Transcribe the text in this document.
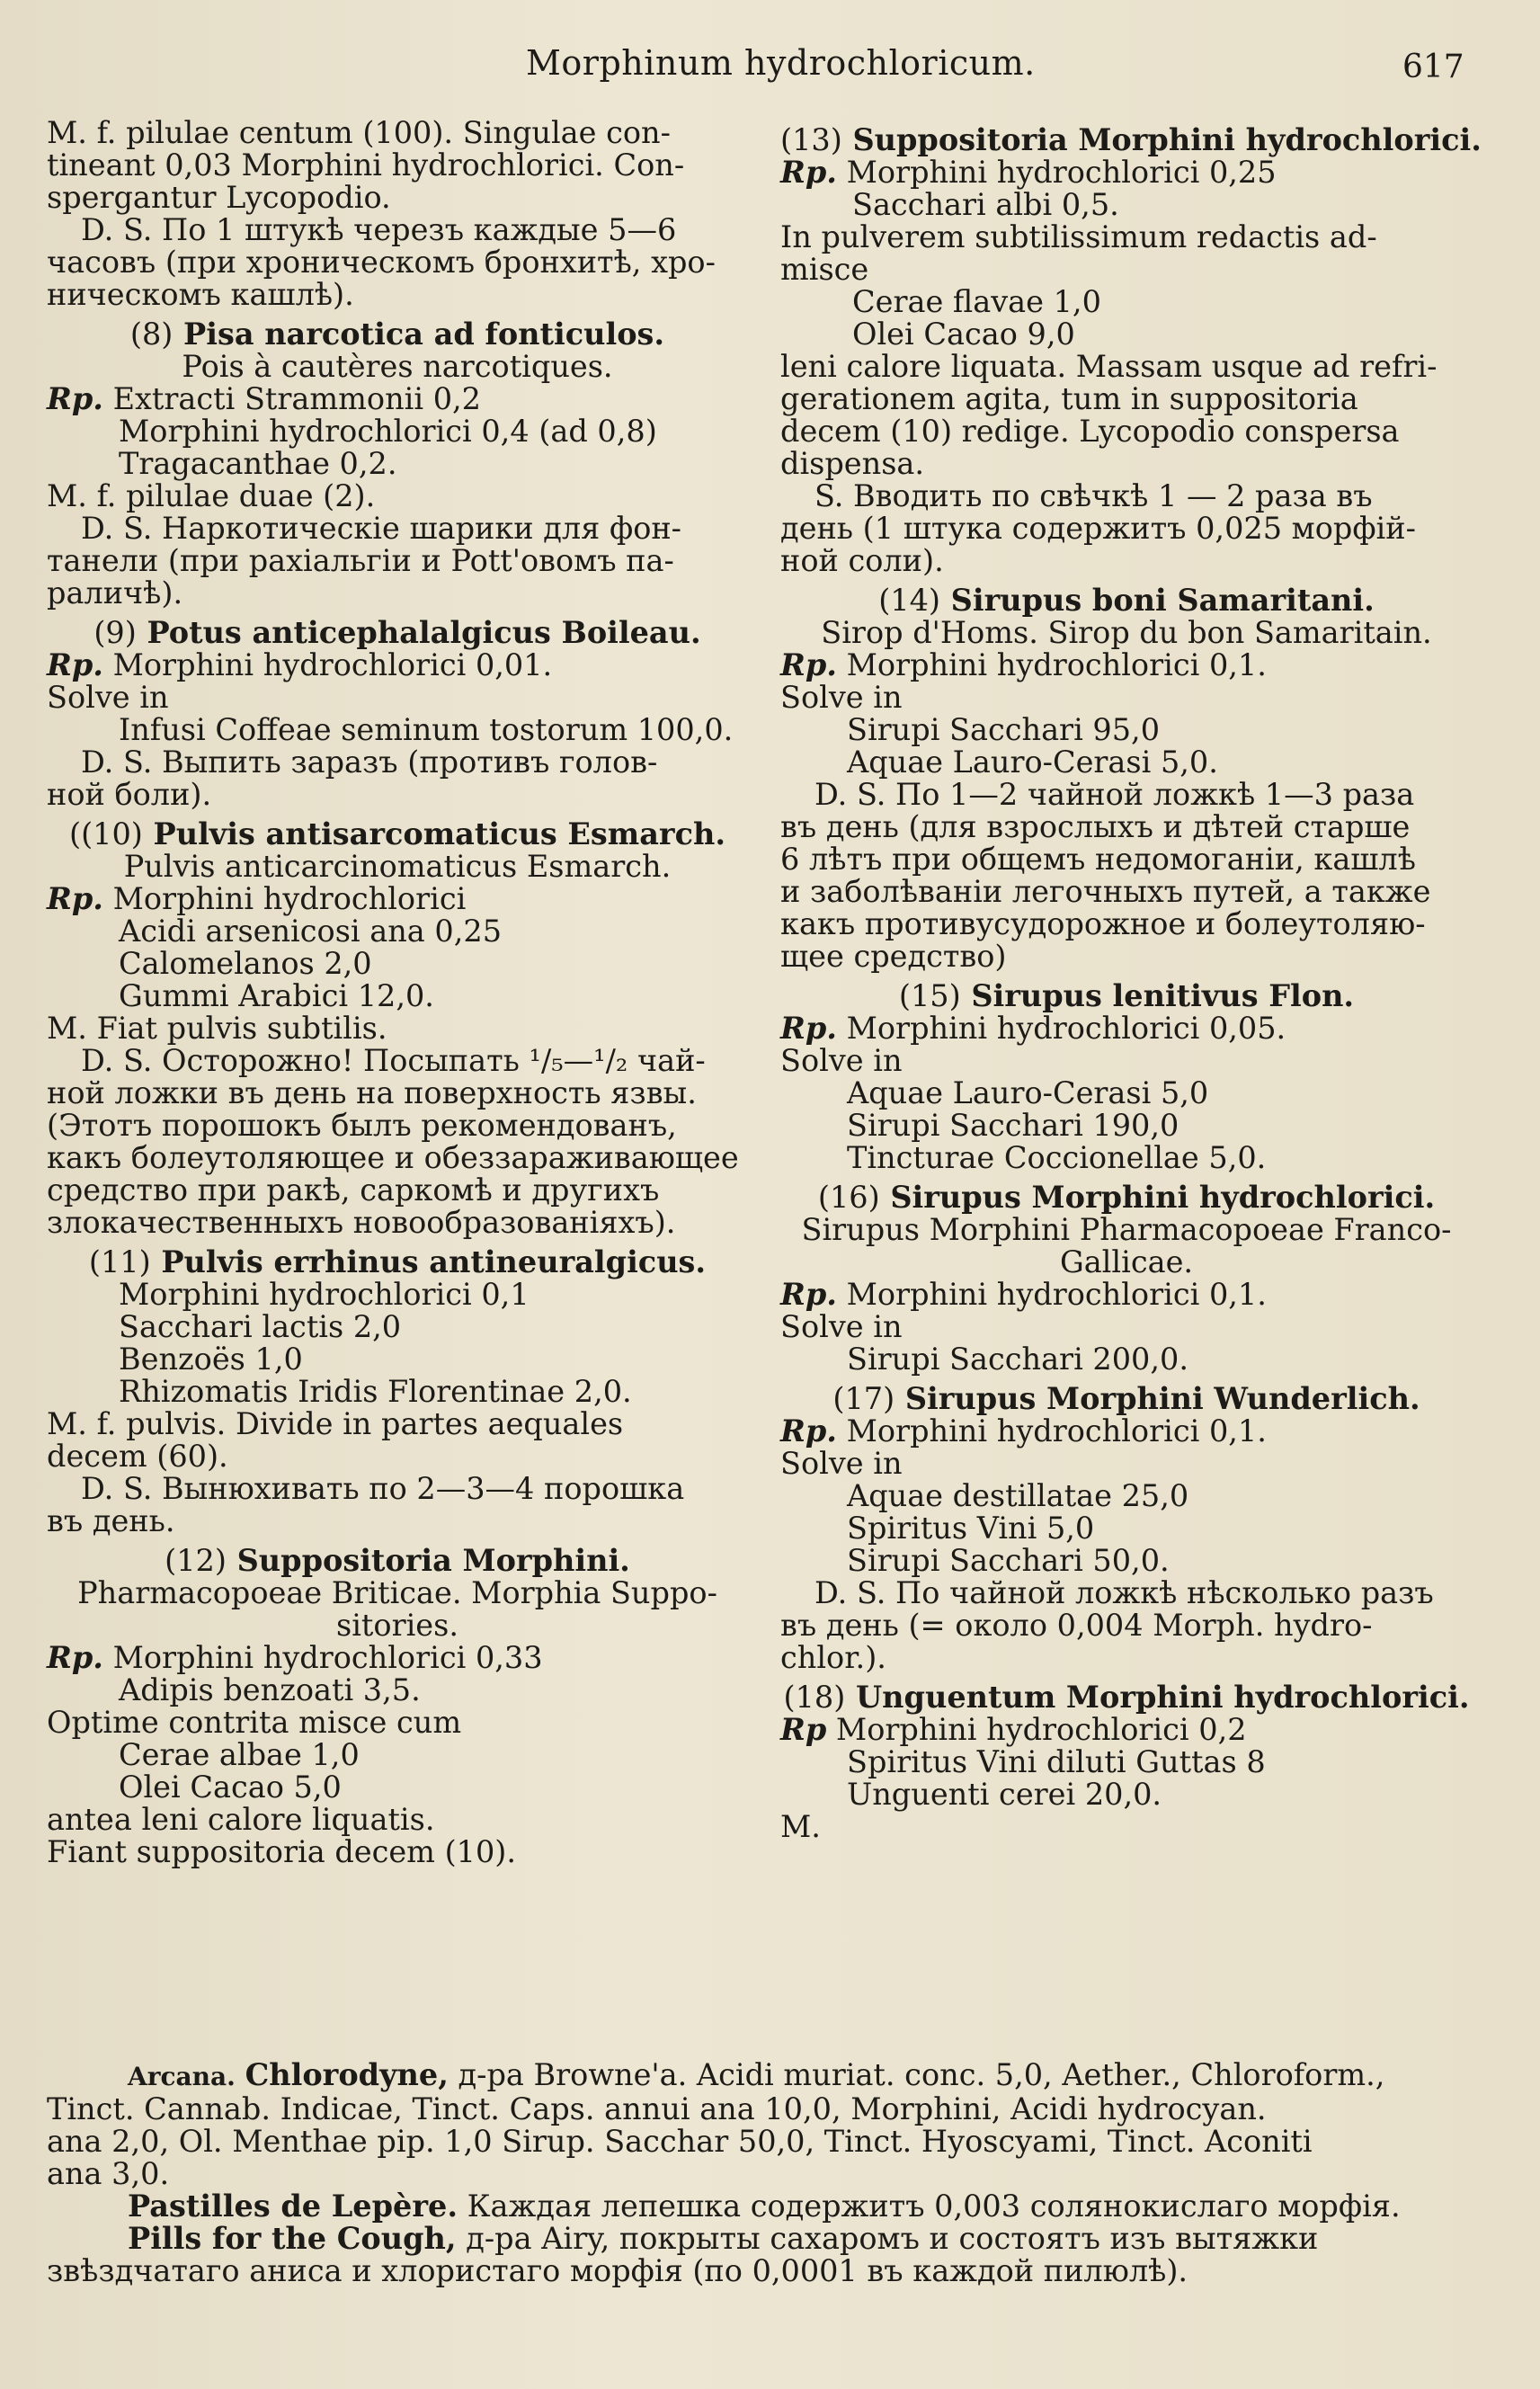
Morphinum hydrochloricum.	617
M. f. pilulae centum (100). Singulae con-
tineant 0,03 Morphini hydrochlorici. Con-
spergantur Lycopodio.
D. S. По 1 штукѣ черезъ каждые 5—6
часовъ (при хроническомъ бронхитѣ, хро-
ническомъ кашлѣ).
(8) Pisa narcotica ad fonticulos.
Pois à cautères narcotiques.
Rp. Extracti Strammonii 0,2
Morphini hydrochlorici 0,4 (ad 0,8)
Tragacanthae 0,2.
M. f. pilulae duae (2).
D. S. Наркотическіе шарики для фон-
танели (при рахіальгіи и Pott'овомъ па-
раличѣ).
(9) Potus anticephalalgicus Boileau.
Rp. Morphini hydrochlorici 0,01.
Solve in
Infusi Coffeae seminum tostorum 100,0.
D. S. Выпить заразъ (противъ голов-
ной боли).
((10) Pulvis antisarcomaticus Esmarch.
Pulvis anticarcinomaticus Esmarch.
Rp. Morphini hydrochlorici
Acidi arsenicosi ana 0,25
Calomelanos 2,0
Gummi Arabici 12,0.
M. Fiat pulvis subtilis.
D. S. Осторожно! Посыпать ¹/₅—¹/₂ чай-
ной ложки въ день на поверхность язвы.
(Этотъ порошокъ былъ рекомендованъ,
какъ болеутоляющее и обеззараживающее
средство при ракѣ, саркомѣ и другихъ
злокачественныхъ новообразованіяхъ).
(11) Pulvis errhinus antineuralgicus.
Morphini hydrochlorici 0,1
Sacchari lactis 2,0
Benzoës 1,0
Rhizomatis Iridis Florentinae 2,0.
M. f. pulvis. Divide in partes aequales
decem (60).
D. S. Вынюхивать по 2—3—4 порошка
въ день.
(12) Suppositoria Morphini.
Pharmacopoeae Briticae. Morphia Suppo-
sitories.
Rp. Morphini hydrochlorici 0,33
Adipis benzoati 3,5.
Optime contrita misce cum
Cerae albae 1,0
Olei Cacao 5,0
antea leni calore liquatis.
Fiant suppositoria decem (10).
(13) Suppositoria Morphini hydrochlorici.
Rp. Morphini hydrochlorici 0,25
Sacchari albi 0,5.
In pulverem subtilissimum redactis ad-
misce
Cerae flavae 1,0
Olei Cacao 9,0
leni calore liquata. Massam usque ad refri-
gerationem agita, tum in suppositoria
decem (10) redige. Lycopodio conspersa
dispensa.
S. Вводить по свѣчкѣ 1 — 2 раза въ
день (1 штука содержитъ 0,025 морфій-
ной соли).
(14) Sirupus boni Samaritani.
Sirop d'Homs. Sirop du bon Samaritain.
Rp. Morphini hydrochlorici 0,1.
Solve in
Sirupi Sacchari 95,0
Aquae Lauro-Cerasi 5,0.
D. S. По 1—2 чайной ложкѣ 1—3 раза
въ день (для взрослыхъ и дѣтей старше
6 лѣтъ при общемъ недомоганіи, кашлѣ
и заболѣваніи легочныхъ путей, а также
какъ противусудорожное и болеутоляю-
щее средство)
(15) Sirupus lenitivus Flon.
Rp. Morphini hydrochlorici 0,05.
Solve in
Aquae Lauro-Cerasi 5,0
Sirupi Sacchari 190,0
Tincturae Coccionellae 5,0.
(16) Sirupus Morphini hydrochlorici.
Sirupus Morphini Pharmacopoeae Franco-
Gallicae.
Rp. Morphini hydrochlorici 0,1.
Solve in
Sirupi Sacchari 200,0.
(17) Sirupus Morphini Wunderlich.
Rp. Morphini hydrochlorici 0,1.
Solve in
Aquae destillatae 25,0
Spiritus Vini 5,0
Sirupi Sacchari 50,0.
D. S. По чайной ложкѣ нѣсколько разъ
въ день (= около 0,004 Morph. hydro-
chlor.).
(18) Unguentum Morphini hydrochlorici.
Rp Morphini hydrochlorici 0,2
Spiritus Vini diluti Guttas 8
Unguenti cerei 20,0.
M.
Arcana. Chlorodyne, д-ра Browne'a. Acidi muriat. conc. 5,0, Aether., Chloroform.,
Tinct. Cannab. Indicae, Tinct. Caps. annui ana 10,0, Morphini, Acidi hydrocyan.
ana 2,0, Ol. Menthae pip. 1,0 Sirup. Sacchar 50,0, Tinct. Hyoscyami, Tinct. Aconiti
ana 3,0.
Pastilles de Lepère. Каждая лепешка содержитъ 0,003 солянокислаго морфія.
Pills for the Cough, д-ра Airy, покрыты сахаромъ и состоятъ изъ вытяжки
звѣздчатаго аниса и хлористаго морфія (по 0,0001 въ каждой пилюлѣ).
